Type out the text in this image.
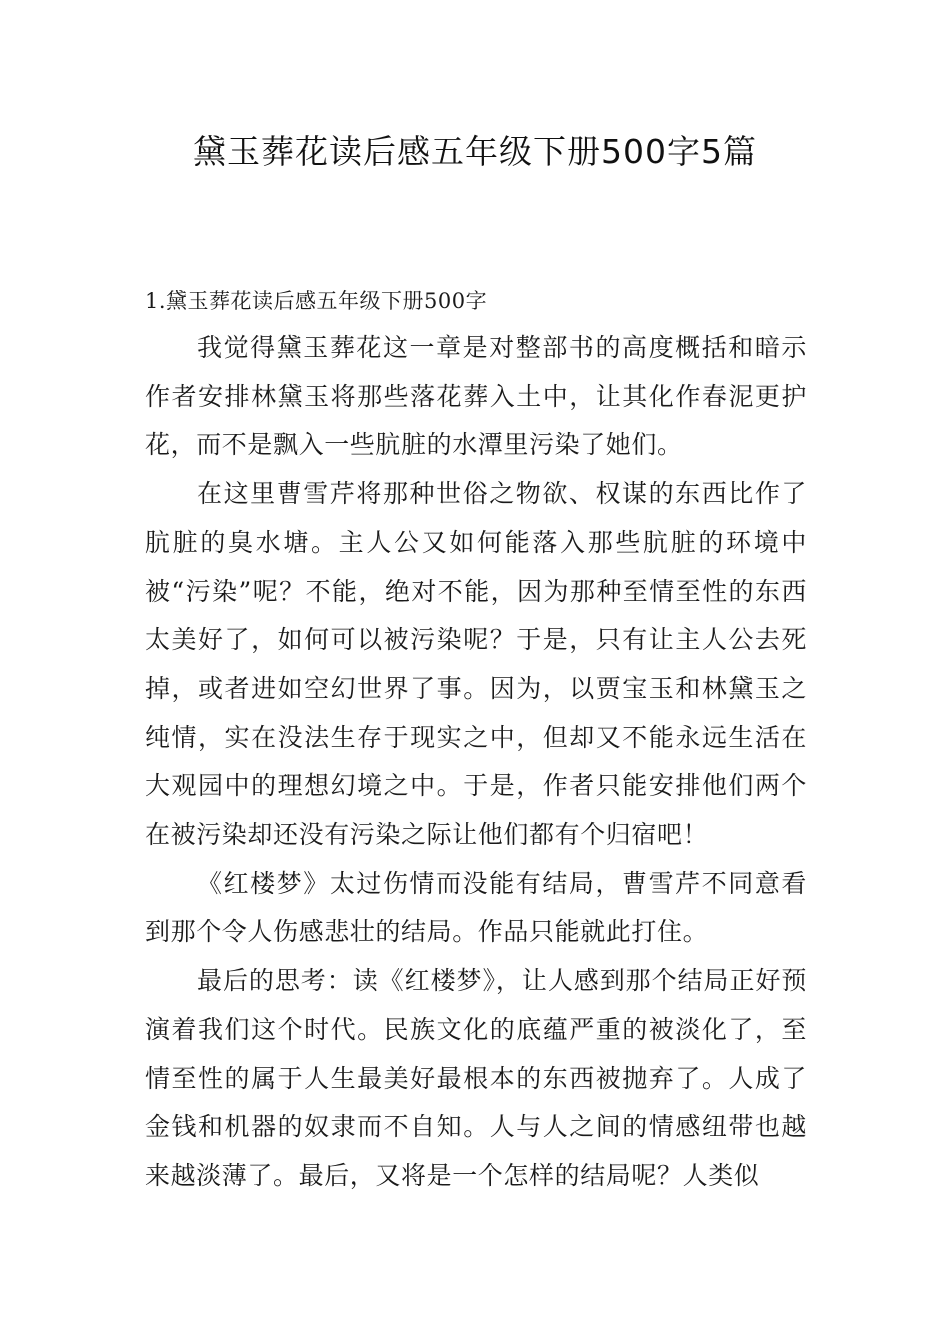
黛玉葬花读后感五年级下册500字5篇
1.黛玉葬花读后感五年级下册500字

我觉得黛玉葬花这一章是对整部书的高度概括和暗示作者安排林黛玉将那些落花葬入土中，让其化作春泥更护花，而不是飘入一些肮脏的水潭里污染了她们。

在这里曹雪芹将那种世俗之物欲、权谋的东西比作了肮脏的臭水塘。主人公又如何能落入那些肮脏的环境中被“污染”呢？不能，绝对不能，因为那种至情至性的东西太美好了，如何可以被污染呢？于是，只有让主人公去死掉，或者进如空幻世界了事。因为，以贾宝玉和林黛玉之纯情，实在没法生存于现实之中，但却又不能永远生活在大观园中的理想幻境之中。于是，作者只能安排他们两个在被污染却还没有污染之际让他们都有个归宿吧！

《红楼梦》太过伤情而没能有结局，曹雪芹不同意看到那个令人伤感悲壮的结局。作品只能就此打住。

最后的思考：读《红楼梦》，让人感到那个结局正好预演着我们这个时代。民族文化的底蕴严重的被淡化了，至情至性的属于人生最美好最根本的东西被抛弃了。人成了金钱和机器的奴隶而不自知。人与人之间的情感纽带也越来越淡薄了。最后，又将是一个怎样的结局呢？人类似
